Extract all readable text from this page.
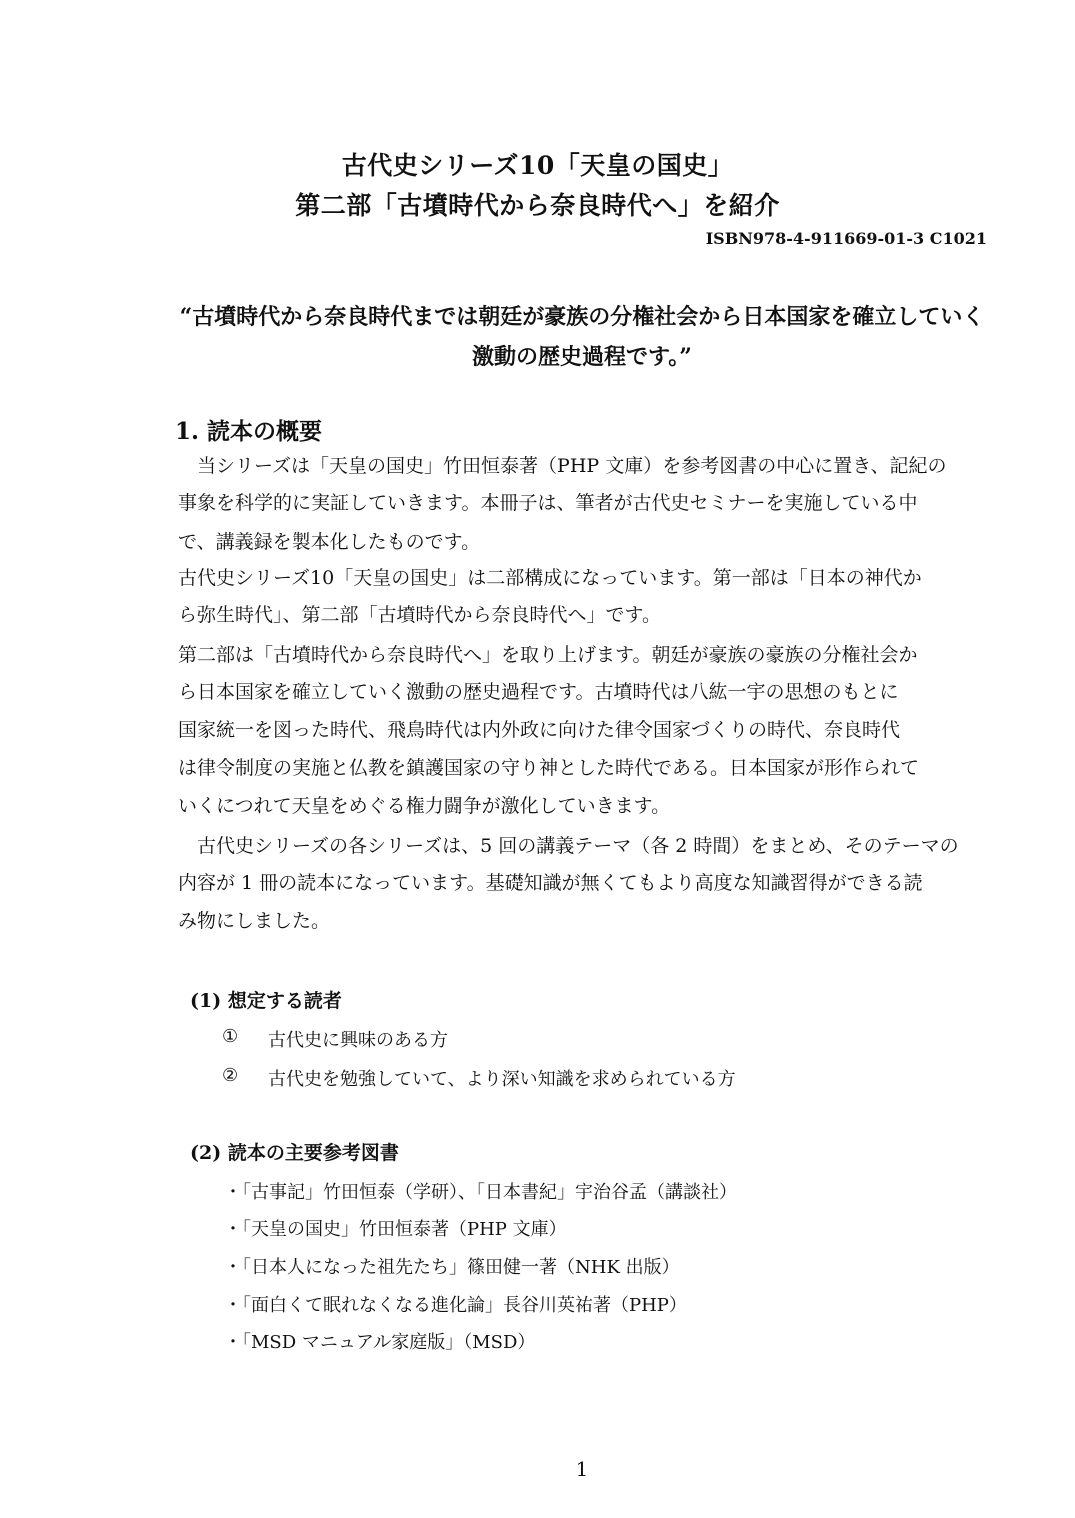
古代史シリーズ10「天皇の国史」
第二部「古墳時代から奈良時代へ」を紹介
ISBN978-4-911669-01-3 C1021
“古墳時代から奈良時代までは朝廷が豪族の分権社会から日本国家を確立していく
激動の歴史過程です。”
1. 読本の概要
　当シリーズは「天皇の国史」竹田恒泰著（PHP 文庫）を参考図書の中心に置き、記紀の
事象を科学的に実証していきます。本冊子は、筆者が古代史セミナーを実施している中
で、講義録を製本化したものです。
古代史シリーズ10「天皇の国史」は二部構成になっています。第一部は「日本の神代か
ら弥生時代」、第二部「古墳時代から奈良時代へ」です。
第二部は「古墳時代から奈良時代へ」を取り上げます。朝廷が豪族の豪族の分権社会か
ら日本国家を確立していく激動の歴史過程です。古墳時代は八紘一宇の思想のもとに
国家統一を図った時代、飛鳥時代は内外政に向けた律令国家づくりの時代、奈良時代
は律令制度の実施と仏教を鎮護国家の守り神とした時代である。日本国家が形作られて
いくにつれて天皇をめぐる権力闘争が激化していきます。
　古代史シリーズの各シリーズは、5 回の講義テーマ（各 2 時間）をまとめ、そのテーマの
内容が 1 冊の読本になっています。基礎知識が無くてもより高度な知識習得ができる読
み物にしました。
(1) 想定する読者
① 古代史に興味のある方
② 古代史を勉強していて、より深い知識を求められている方
(2) 読本の主要参考図書
・「古事記」竹田恒泰（学研）、「日本書紀」宇治谷孟（講談社）
・「天皇の国史」竹田恒泰著（PHP 文庫）
・「日本人になった祖先たち」篠田健一著（NHK 出版）
・「面白くて眠れなくなる進化論」長谷川英祐著（PHP）
・「MSD マニュアル家庭版」（MSD）
1
